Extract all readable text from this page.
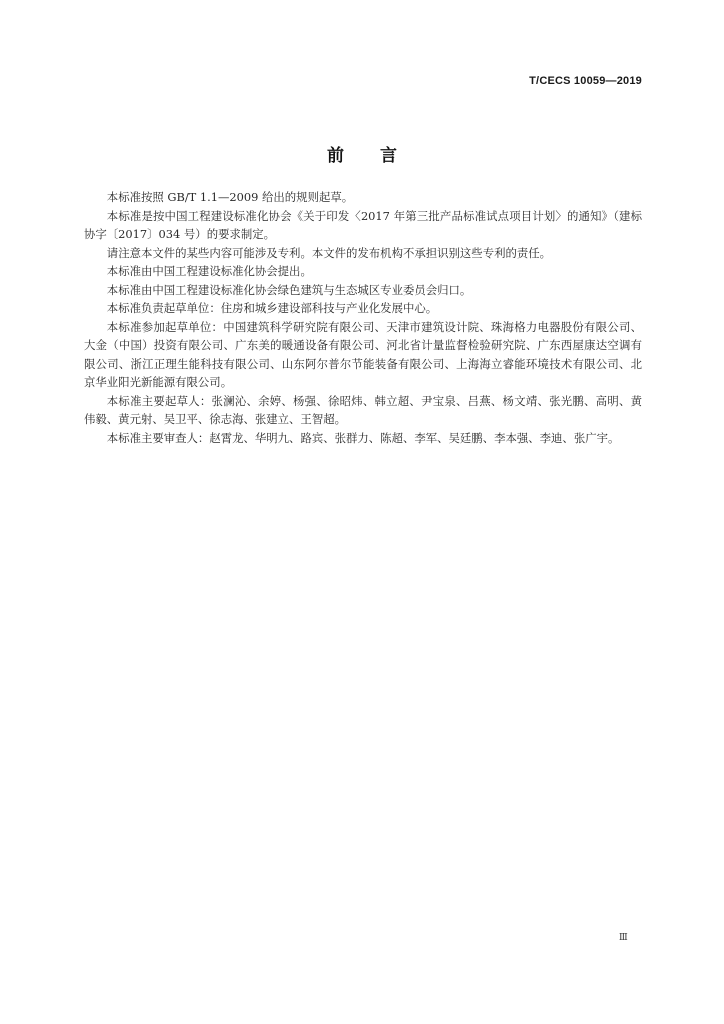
T/CECS 10059—2019
前言

本标准按照 GB/T 1.1—2009 给出的规则起草。

本标准是按中国工程建设标准化协会《关于印发〈2017 年第三批产品标准试点项目计划〉的通知》（建标协字〔2017〕034 号）的要求制定。

请注意本文件的某些内容可能涉及专利。本文件的发布机构不承担识别这些专利的责任。

本标准由中国工程建设标准化协会提出。

本标准由中国工程建设标准化协会绿色建筑与生态城区专业委员会归口。

本标准负责起草单位：住房和城乡建设部科技与产业化发展中心。

本标准参加起草单位：中国建筑科学研究院有限公司、天津市建筑设计院、珠海格力电器股份有限公司、大金（中国）投资有限公司、广东美的暖通设备有限公司、河北省计量监督检验研究院、广东西屋康达空调有限公司、浙江正理生能科技有限公司、山东阿尔普尔节能装备有限公司、上海海立睿能环境技术有限公司、北京华业阳光新能源有限公司。

本标准主要起草人：张澜沁、余婷、杨强、徐昭炜、韩立超、尹宝泉、吕燕、杨文靖、张光鹏、高明、黄伟毅、黄元射、吴卫平、徐志海、张建立、王智超。

本标准主要审查人：赵霄龙、华明九、路宾、张群力、陈超、李军、吴廷鹏、李本强、李迪、张广宇。

Ⅲ
